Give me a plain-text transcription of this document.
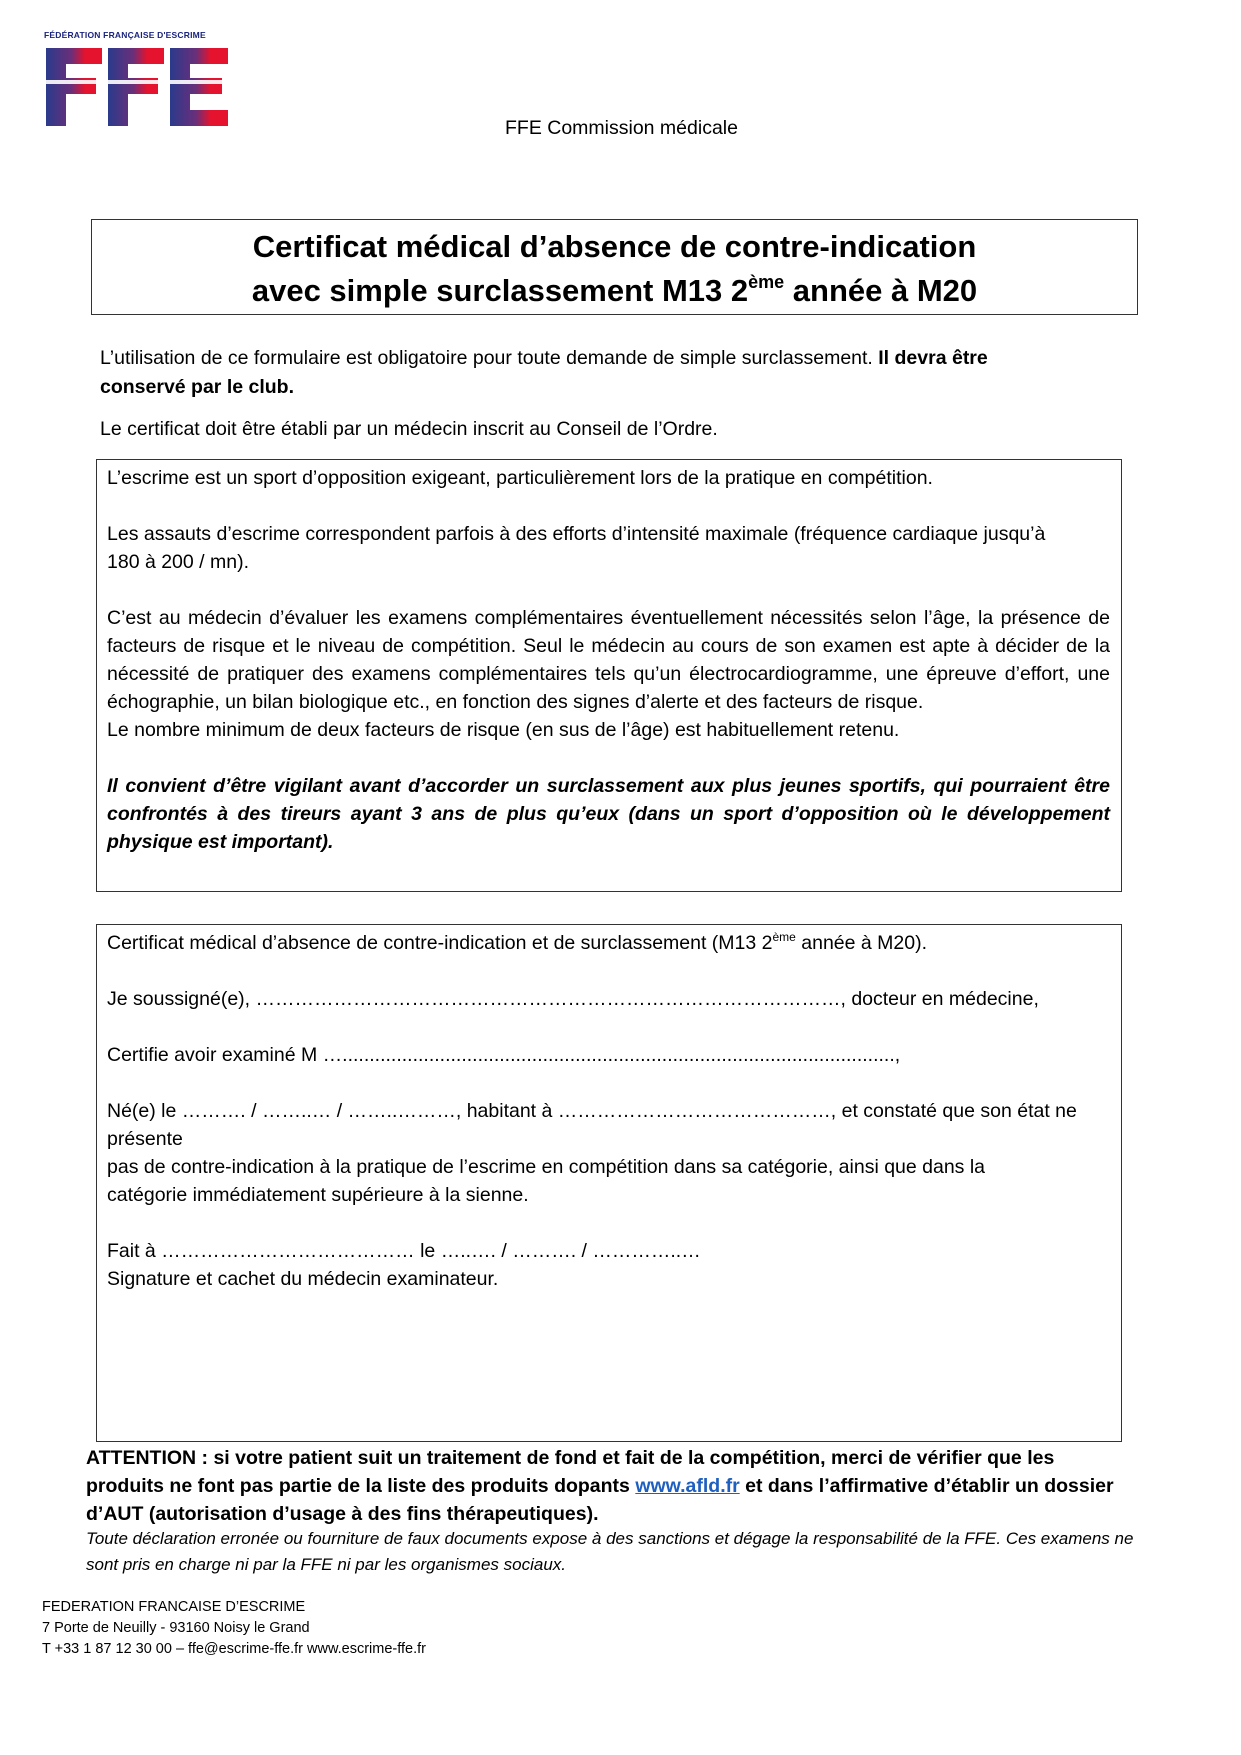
FÉDÉRATION FRANÇAISE D'ESCRIME
FFE Commission médicale
Certificat médical d’absence de contre-indication
avec simple surclassement M13 2ème année à M20
L’utilisation de ce formulaire est obligatoire pour toute demande de simple surclassement. Il devra être
conservé par le club.
Le certificat doit être établi par un médecin inscrit au Conseil de l’Ordre.

L’escrime est un sport d’opposition exigeant, particulièrement lors de la pratique en compétition.

Les assauts d’escrime correspondent parfois à des efforts d’intensité maximale (fréquence cardiaque jusqu’à

180 à 200 / mn).

C’est au médecin d’évaluer les examens complémentaires éventuellement nécessités selon l’âge, la présence de facteurs de risque et le niveau de compétition. Seul le médecin au cours de son examen est apte à décider de la nécessité de pratiquer des examens complémentaires tels qu’un électrocardiogramme, une épreuve d’effort, une échographie, un bilan biologique etc., en fonction des signes d’alerte et des facteurs de risque.

Le nombre minimum de deux facteurs de risque (en sus de l’âge) est habituellement retenu.

Il convient d’être vigilant avant d’accorder un surclassement aux plus jeunes sportifs, qui pourraient être confrontés à des tireurs ayant 3 ans de plus qu’eux (dans un sport d’opposition où le développement physique est important).

Certificat médical d’absence de contre-indication et de surclassement (M13 2ème année à M20).

Je soussigné(e), ………………………………………………………………………………, docteur en médecine,

Certifie avoir examiné M …......................................................................................................,

Né(e) le ………. / ……..… / ……..………, habitant à ……………………………………, et constaté que son état ne présente

pas de contre-indication à la pratique de l’escrime en compétition dans sa catégorie, ainsi que dans la

catégorie immédiatement supérieure à la sienne.

Fait à ………………………………… le …..…. / ………. / …………..…

Signature et cachet du médecin examinateur.

ATTENTION : si votre patient suit un traitement de fond et fait de la compétition, merci de vérifier que les produits ne font pas partie de la liste des produits dopants www.afld.fr et dans l’affirmative d’établir un dossier d’AUT (autorisation d’usage à des fins thérapeutiques).
Toute déclaration erronée ou fourniture de faux documents expose à des sanctions et dégage la responsabilité de la FFE. Ces examens ne sont pris en charge ni par la FFE ni par les organismes sociaux.
FEDERATION FRANCAISE D’ESCRIME
7 Porte de Neuilly - 93160 Noisy le Grand
T +33 1 87 12 30 00 – ffe@escrime-ffe.fr www.escrime-ffe.fr
